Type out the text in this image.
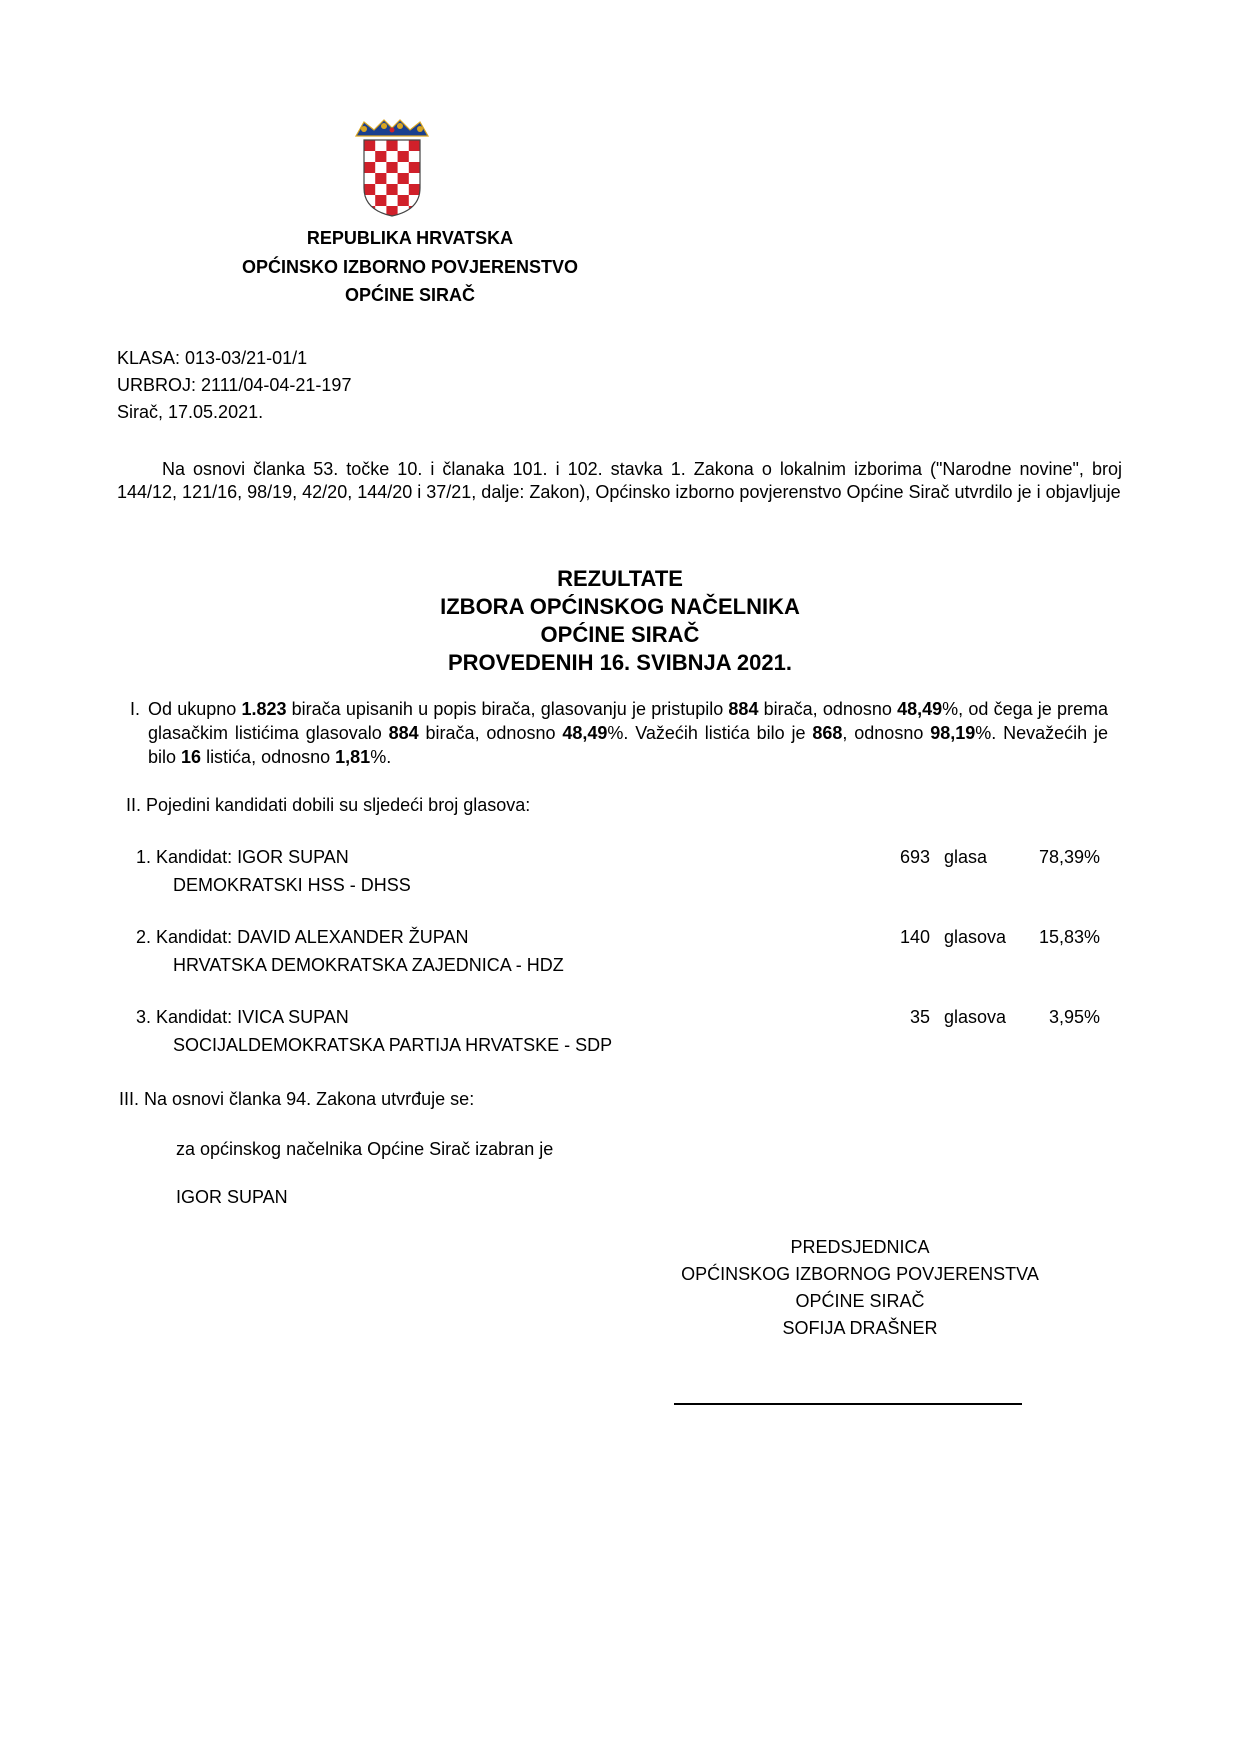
REPUBLIKA HRVATSKA
OPĆINSKO IZBORNO POVJERENSTVO
OPĆINE SIRAČ
KLASA: 013-03/21-01/1
URBROJ: 2111/04-04-21-197
Sirač, 17.05.2021.
Na osnovi članka 53. točke 10. i članaka 101. i 102. stavka 1. Zakona o lokalnim izborima ("Narodne novine", broj 144/12, 121/16, 98/19, 42/20, 144/20 i 37/21, dalje: Zakon), Općinsko izborno povjerenstvo Općine Sirač utvrdilo je i objavljuje
REZULTATE
IZBORA OPĆINSKOG NAČELNIKA
OPĆINE SIRAČ
PROVEDENIH 16. SVIBNJA 2021.
I. Od ukupno 1.823 birača upisanih u popis birača, glasovanju je pristupilo 884 birača, odnosno 48,49%, od čega je prema glasačkim listićima glasovalo 884 birača, odnosno 48,49%. Važećih listića bilo je 868, odnosno 98,19%. Nevažećih je bilo 16 listića, odnosno 1,81%.
II. Pojedini kandidati dobili su sljedeći broj glasova:
1. Kandidat: IGOR SUPAN
DEMOKRATSKI HSS - DHSS
693 glasa	78,39%
2. Kandidat: DAVID ALEXANDER ŽUPAN
HRVATSKA DEMOKRATSKA ZAJEDNICA - HDZ
140 glasova	15,83%
3. Kandidat: IVICA SUPAN
SOCIJALDEMOKRATSKA PARTIJA HRVATSKE - SDP
35 glasova	3,95%
III. Na osnovi članka 94. Zakona utvrđuje se:
za općinskog načelnika Općine Sirač izabran je
IGOR SUPAN
PREDSJEDNICA
OPĆINSKOG IZBORNOG POVJERENSTVA
OPĆINE SIRAČ
SOFIJA DRAŠNER
